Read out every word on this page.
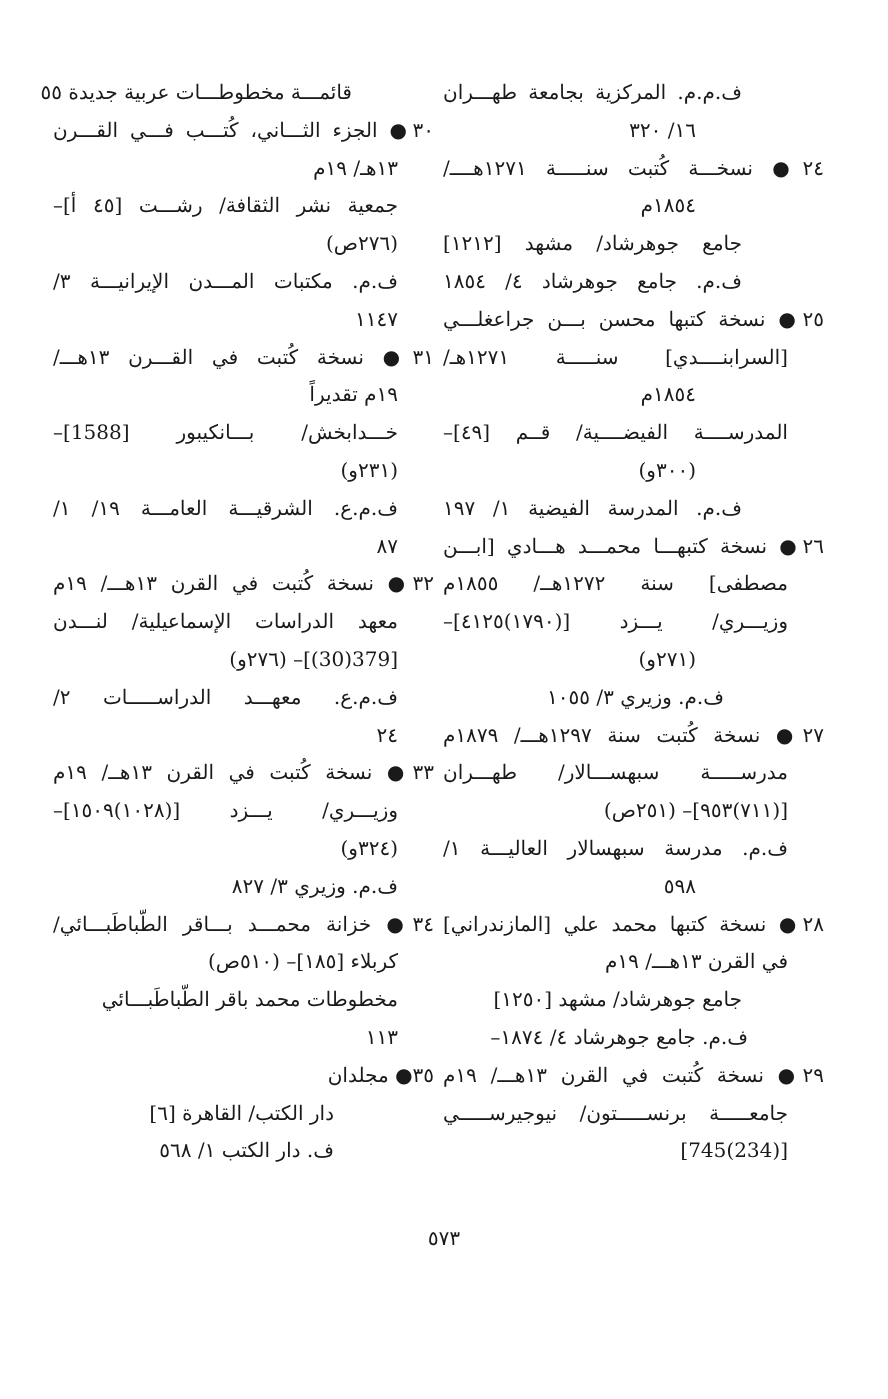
ف.م.م. المركزية بجامعة طهـــران
١٦/ ٣٢٠
٢٤● نسخـــة كُتبت سنـــــة ١٢٧١هــــ/
١٨٥٤م
جامع جوهرشاد/ مشهد [١٢١٢]
ف.م. جامع جوهرشاد ٤/ ١٨٥٤
٢٥● نسخة كتبها محسن بـــن جراعغلـــي
[السرابنــــدي] سنـــــة ١٢٧١هـ/
١٨٥٤م
المدرســــة الفيضــــية/ قــم [٤٩]–
(٣٠٠و)
ف.م. المدرسة الفيضية ١/ ١٩٧
٢٦● نسخة كتبهـــا محمـــد هـــادي [ابـــن
مصطفى] سنة ١٢٧٢هــ/ ١٨٥٥م
وزيـــري/ يـــزد [(١٧٩٠)٤١٢٥]–
(٢٧١و)
ف.م. وزيري ٣/ ١٠٥٥
٢٧● نسخة كُتبت سنة ١٢٩٧هـــ/ ١٨٧٩م
مدرســـــة سبهســـالار/ طهـــران
[(٧١١)٩٥٣]– (٢٥١ص)
ف.م. مدرسة سبهسالار العاليـــة ١/
٥٩٨
٢٨● نسخة كتبها محمد علي [المازندراني]
في القرن ١٣هـــ/ ١٩م
جامع جوهرشاد/ مشهد [١٢٥٠]
ف.م. جامع جوهرشاد ٤/ ١٨٧٤–
٢٩● نسخة كُتبت في القرن ١٣هـــ/ ١٩م
جامعـــــة برنســـــتون/ نيوجيرســـــي
[(234)745]
قائمـــة مخطوطـــات عربية جديدة ٥٥
٣٠● الجزء الثـــاني، كُتـــب فـــي القـــرن
١٣هـ/ ١٩م
جمعية نشر الثقافة/ رشـــت [٤٥ أ]–
(٢٧٦ص)
ف.م. مكتبات المـــدن الإيرانيـــة ٣/
١١٤٧
٣١● نسخة كُتبت في القـــرن ١٣هـــ/
١٩م تقديراً
خـــدابخش/ بـــانكيبور [1588]–
(٢٣١و)
ف.م.ع. الشرقيـــة العامـــة ١٩/ ١/
٨٧
٣٢● نسخة كُتبت في القرن ١٣هـــ/ ١٩م
معهد الدراسات الإسماعيلية/ لنـــدن
[379(30)]– (٢٧٦و)
ف.م.ع. معهـــد الدراســـــات ٢/
٢٤
٣٣● نسخة كُتبت في القرن ١٣هــ/ ١٩م
وزيـــري/ يـــزد [(١٠٢٨)١٥٠٩]–
(٣٢٤و)
ف.م. وزيري ٣/ ٨٢٧
٣٤● خزانة محمـــد بـــاقر الطّباطَبـــائي/
كربلاء [١٨٥]– (٥١٠ص)
مخطوطات محمد باقر الطّباطَبـــائي
١١٣
٣٥● مجلدان
دار الكتب/ القاهرة [٦]
ف. دار الكتب ١/ ٥٦٨
٥٧٣
